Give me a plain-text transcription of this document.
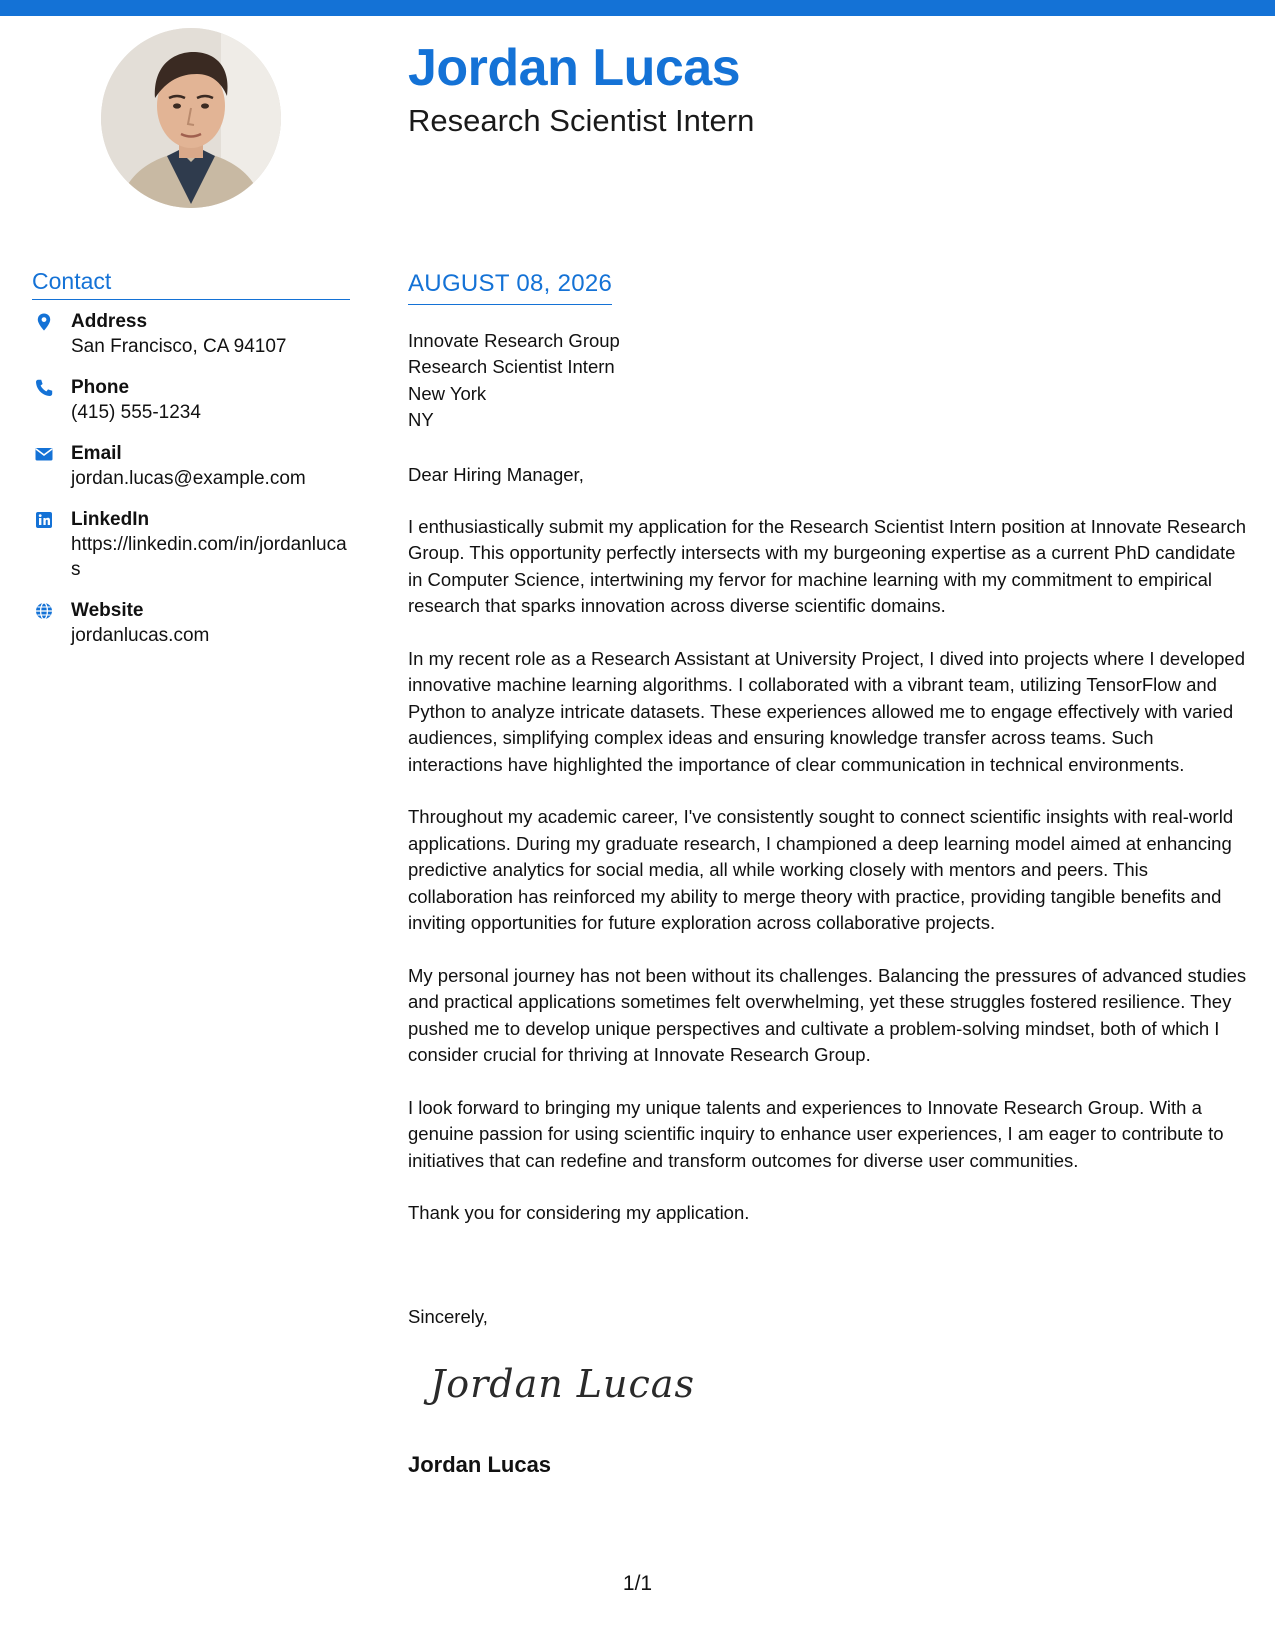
Jordan Lucas
Research Scientist Intern
Contact
Address
San Francisco, CA 94107
Phone
(415) 555-1234
Email
jordan.lucas@example.com
LinkedIn
https://linkedin.com/in/jordanlucas
Website
jordanlucas.com
AUGUST 08, 2026
Innovate Research Group
Research Scientist Intern
New York
NY
Dear Hiring Manager,

I enthusiastically submit my application for the Research Scientist Intern position at Innovate Research Group. This opportunity perfectly intersects with my burgeoning expertise as a current PhD candidate in Computer Science, intertwining my fervor for machine learning with my commitment to empirical research that sparks innovation across diverse scientific domains.

In my recent role as a Research Assistant at University Project, I dived into projects where I developed innovative machine learning algorithms. I collaborated with a vibrant team, utilizing TensorFlow and Python to analyze intricate datasets. These experiences allowed me to engage effectively with varied audiences, simplifying complex ideas and ensuring knowledge transfer across teams. Such interactions have highlighted the importance of clear communication in technical environments.

Throughout my academic career, I've consistently sought to connect scientific insights with real-world applications. During my graduate research, I championed a deep learning model aimed at enhancing predictive analytics for social media, all while working closely with mentors and peers. This collaboration has reinforced my ability to merge theory with practice, providing tangible benefits and inviting opportunities for future exploration across collaborative projects.

My personal journey has not been without its challenges. Balancing the pressures of advanced studies and practical applications sometimes felt overwhelming, yet these struggles fostered resilience. They pushed me to develop unique perspectives and cultivate a problem-solving mindset, both of which I consider crucial for thriving at Innovate Research Group.

I look forward to bringing my unique talents and experiences to Innovate Research Group. With a genuine passion for using scientific inquiry to enhance user experiences, I am eager to contribute to initiatives that can redefine and transform outcomes for diverse user communities.

Thank you for considering my application.

Sincerely,
Jordan Lucas
Jordan Lucas
1/1
